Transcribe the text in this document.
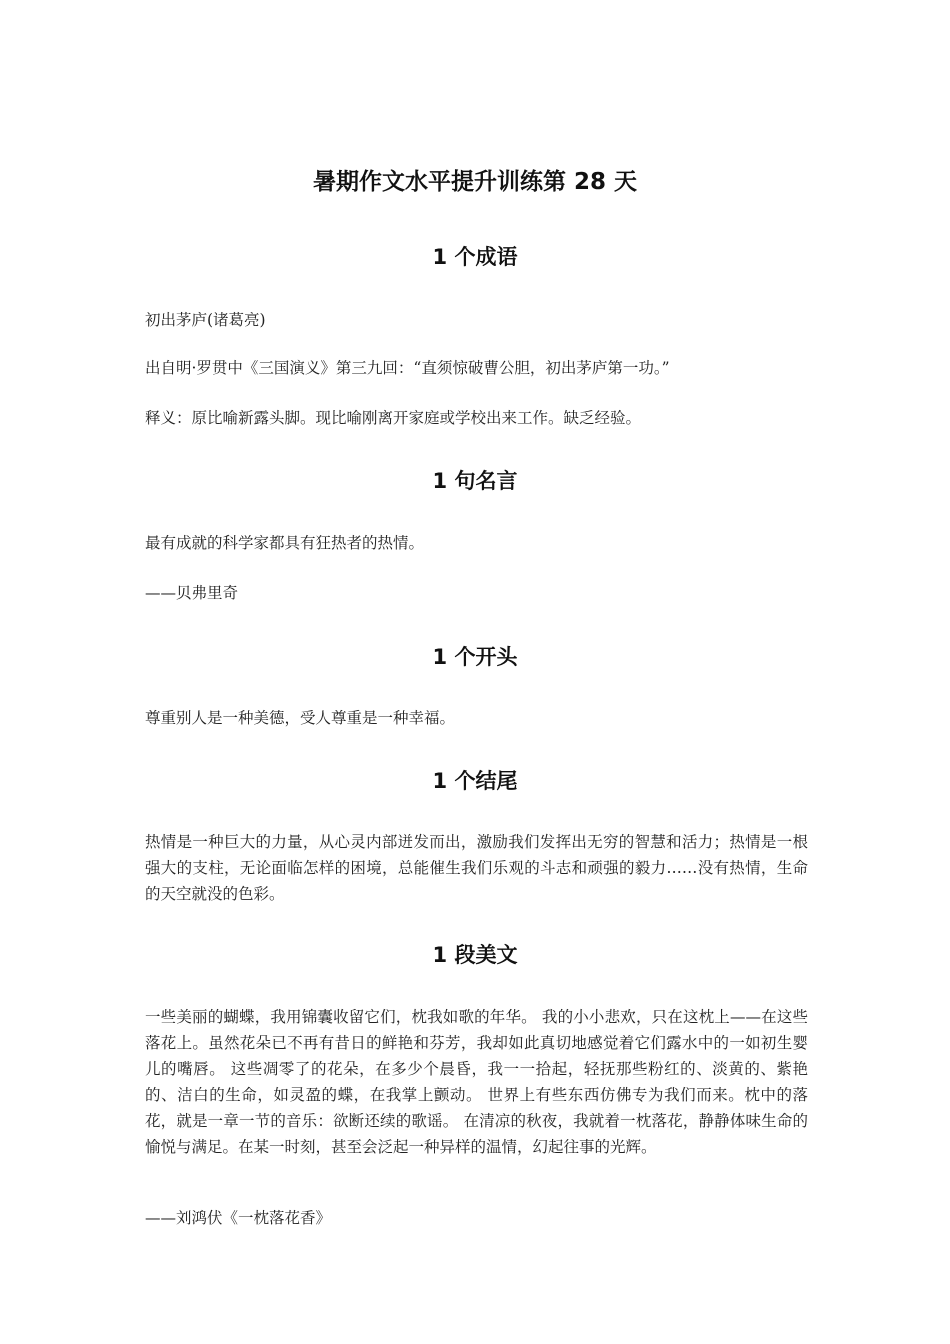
暑期作文水平提升训练第 28 天
1 个成语

初出茅庐(诸葛亮)

出自明·罗贯中《三国演义》第三九回：“直须惊破曹公胆，初出茅庐第一功。”

释义：原比喻新露头脚。现比喻刚离开家庭或学校出来工作。缺乏经验。

1 句名言

最有成就的科学家都具有狂热者的热情。

——贝弗里奇

1 个开头

尊重别人是一种美德，受人尊重是一种幸福。

1 个结尾

热情是一种巨大的力量，从心灵内部迸发而出，激励我们发挥出无穷的智慧和活力；热情是一根强大的支柱，无论面临怎样的困境，总能催生我们乐观的斗志和顽强的毅力……没有热情，生命的天空就没的色彩。

1 段美文

一些美丽的蝴蝶，我用锦囊收留它们，枕我如歌的年华。 我的小小悲欢，只在这枕上——在这些落花上。虽然花朵已不再有昔日的鲜艳和芬芳，我却如此真切地感觉着它们露水中的一如初生婴儿的嘴唇。 这些凋零了的花朵，在多少个晨昏，我一一拾起，轻抚那些粉红的、淡黄的、紫艳的、洁白的生命，如灵盈的蝶，在我掌上颤动。 世界上有些东西仿佛专为我们而来。枕中的落花，就是一章一节的音乐：欲断还续的歌谣。 在清凉的秋夜，我就着一枕落花，静静体味生命的愉悦与满足。在某一时刻，甚至会泛起一种异样的温情，幻起往事的光辉。

——刘鸿伏《一枕落花香》
